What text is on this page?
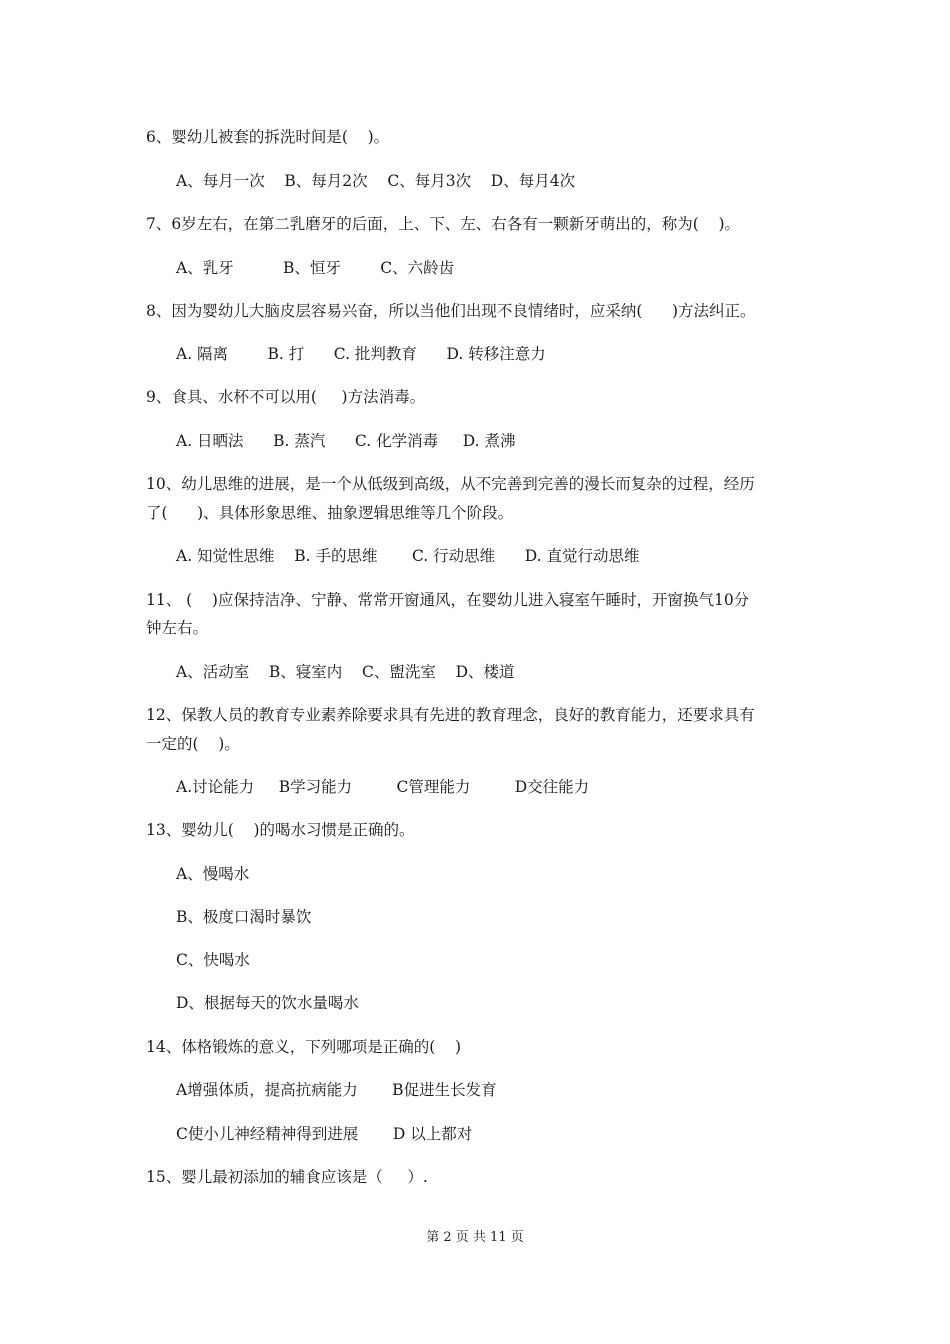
6、婴幼儿被套的拆洗时间是(    )。
A、每月一次    B、每月2次    C、每月3次    D、每月4次
7、6岁左右，在第二乳磨牙的后面，上、下、左、右各有一颗新牙萌出的，称为(    )。
A、乳牙          B、恒牙        C、六龄齿
8、因为婴幼儿大脑皮层容易兴奋，所以当他们出现不良情绪时，应采纳(      )方法纠正。
A. 隔离        B. 打      C. 批判教育      D. 转移注意力
9、食具、水杯不可以用(     )方法消毒。
A. 日晒法      B. 蒸汽      C. 化学消毒     D. 煮沸
10、幼儿思维的进展，是一个从低级到高级，从不完善到完善的漫长而复杂的过程，经历
了(      )、具体形象思维、抽象逻辑思维等几个阶段。
A. 知觉性思维    B. 手的思维       C. 行动思维      D. 直觉行动思维
11、 (    )应保持洁净、宁静、常常开窗通风，在婴幼儿进入寝室午睡时，开窗换气10分
钟左右。
A、活动室    B、寝室内    C、盥洗室    D、楼道
12、保教人员的教育专业素养除要求具有先进的教育理念，良好的教育能力，还要求具有
一定的(    )。
A.讨论能力     B学习能力         C管理能力         D交往能力
13、婴幼儿(    )的喝水习惯是正确的。
A、慢喝水
B、极度口渴时暴饮
C、快喝水
D、根据每天的饮水量喝水
14、体格锻炼的意义，下列哪项是正确的(    )
A增强体质，提高抗病能力       B促进生长发育
C使小儿神经精神得到进展       D 以上都对
15、婴儿最初添加的辅食应该是（     ）.
第 2 页 共 11 页
